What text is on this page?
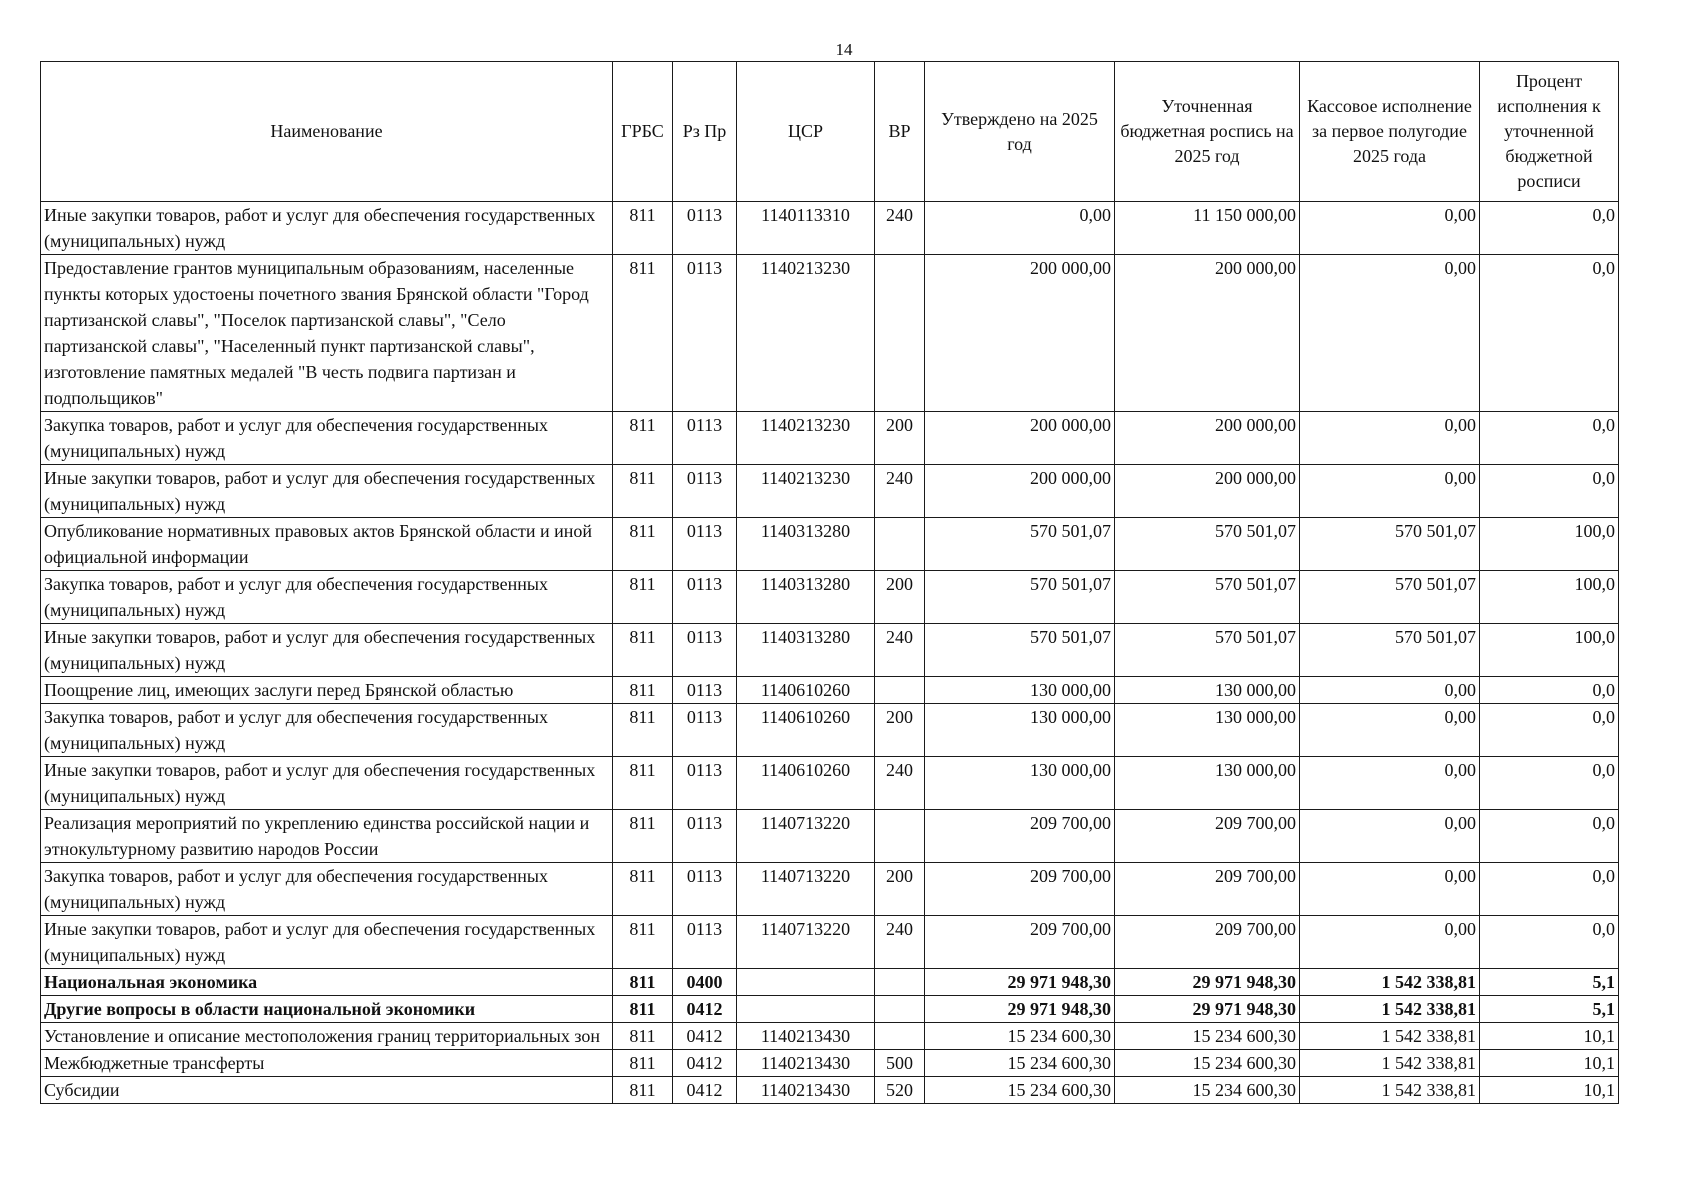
14
Наименование	ГРБС	Рз Пр	ЦСР	ВР	Утверждено на 2025 год	Уточненная бюджетная роспись на 2025 год	Кассовое исполнение за первое полугодие 2025 года	Процент исполнения к уточненной бюджетной росписи
Иные закупки товаров, работ и услуг для обеспечения государственных (муниципальных) нужд	811	0113	1140113310	240	0,00	11 150 000,00	0,00	0,0
Предоставление грантов муниципальным образованиям, населенные пункты которых удостоены почетного звания Брянской области "Город партизанской славы", "Поселок партизанской славы", "Село партизанской славы", "Населенный пункт партизанской славы", изготовление памятных медалей "В честь подвига партизан и подпольщиков"	811	0113	1140213230		200 000,00	200 000,00	0,00	0,0
Закупка товаров, работ и услуг для обеспечения государственных (муниципальных) нужд	811	0113	1140213230	200	200 000,00	200 000,00	0,00	0,0
Иные закупки товаров, работ и услуг для обеспечения государственных (муниципальных) нужд	811	0113	1140213230	240	200 000,00	200 000,00	0,00	0,0
Опубликование нормативных правовых актов Брянской области и иной официальной информации	811	0113	1140313280		570 501,07	570 501,07	570 501,07	100,0
Закупка товаров, работ и услуг для обеспечения государственных (муниципальных) нужд	811	0113	1140313280	200	570 501,07	570 501,07	570 501,07	100,0
Иные закупки товаров, работ и услуг для обеспечения государственных (муниципальных) нужд	811	0113	1140313280	240	570 501,07	570 501,07	570 501,07	100,0
Поощрение лиц, имеющих заслуги перед Брянской областью	811	0113	1140610260		130 000,00	130 000,00	0,00	0,0
Закупка товаров, работ и услуг для обеспечения государственных (муниципальных) нужд	811	0113	1140610260	200	130 000,00	130 000,00	0,00	0,0
Иные закупки товаров, работ и услуг для обеспечения государственных (муниципальных) нужд	811	0113	1140610260	240	130 000,00	130 000,00	0,00	0,0
Реализация мероприятий по укреплению единства российской нации и этнокультурному развитию народов России	811	0113	1140713220		209 700,00	209 700,00	0,00	0,0
Закупка товаров, работ и услуг для обеспечения государственных (муниципальных) нужд	811	0113	1140713220	200	209 700,00	209 700,00	0,00	0,0
Иные закупки товаров, работ и услуг для обеспечения государственных (муниципальных) нужд	811	0113	1140713220	240	209 700,00	209 700,00	0,00	0,0
Национальная экономика	811	0400			29 971 948,30	29 971 948,30	1 542 338,81	5,1
Другие вопросы в области национальной экономики	811	0412			29 971 948,30	29 971 948,30	1 542 338,81	5,1
Установление и описание местоположения границ территориальных зон	811	0412	1140213430		15 234 600,30	15 234 600,30	1 542 338,81	10,1
Межбюджетные трансферты	811	0412	1140213430	500	15 234 600,30	15 234 600,30	1 542 338,81	10,1
Субсидии	811	0412	1140213430	520	15 234 600,30	15 234 600,30	1 542 338,81	10,1
